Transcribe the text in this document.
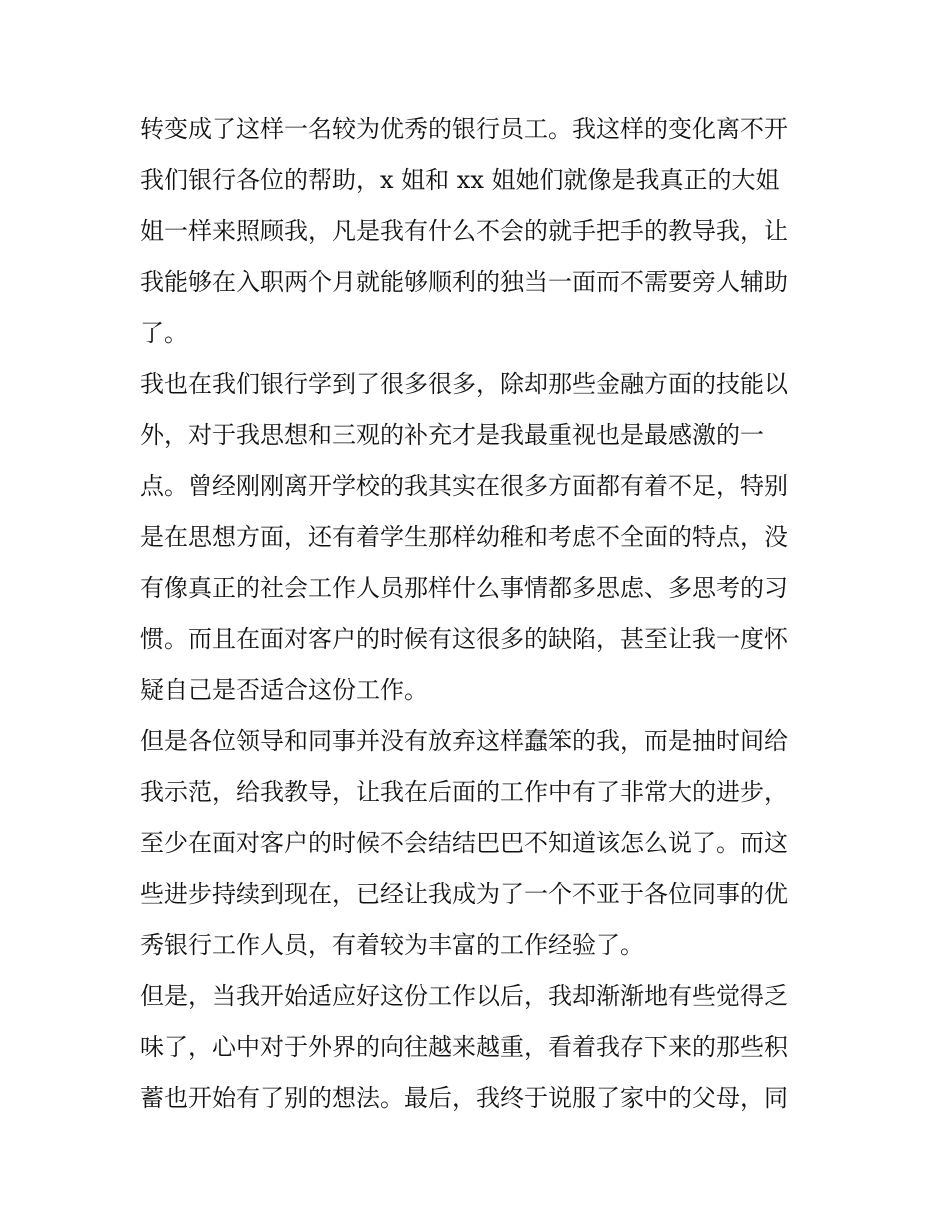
转变成了这样一名较为优秀的银行员工。我这样的变化离不开
我们银行各位的帮助，x 姐和 xx 姐她们就像是我真正的大姐
姐一样来照顾我，凡是我有什么不会的就手把手的教导我，让
我能够在入职两个月就能够顺利的独当一面而不需要旁人辅助
了。
我也在我们银行学到了很多很多，除却那些金融方面的技能以
外，对于我思想和三观的补充才是我最重视也是最感激的一
点。曾经刚刚离开学校的我其实在很多方面都有着不足，特别
是在思想方面，还有着学生那样幼稚和考虑不全面的特点，没
有像真正的社会工作人员那样什么事情都多思虑、多思考的习
惯。而且在面对客户的时候有这很多的缺陷，甚至让我一度怀
疑自己是否适合这份工作。
但是各位领导和同事并没有放弃这样蠢笨的我，而是抽时间给
我示范，给我教导，让我在后面的工作中有了非常大的进步，
至少在面对客户的时候不会结结巴巴不知道该怎么说了。而这
些进步持续到现在，已经让我成为了一个不亚于各位同事的优
秀银行工作人员，有着较为丰富的工作经验了。
但是，当我开始适应好这份工作以后，我却渐渐地有些觉得乏
味了，心中对于外界的向往越来越重，看着我存下来的那些积
蓄也开始有了别的想法。最后，我终于说服了家中的父母，同
